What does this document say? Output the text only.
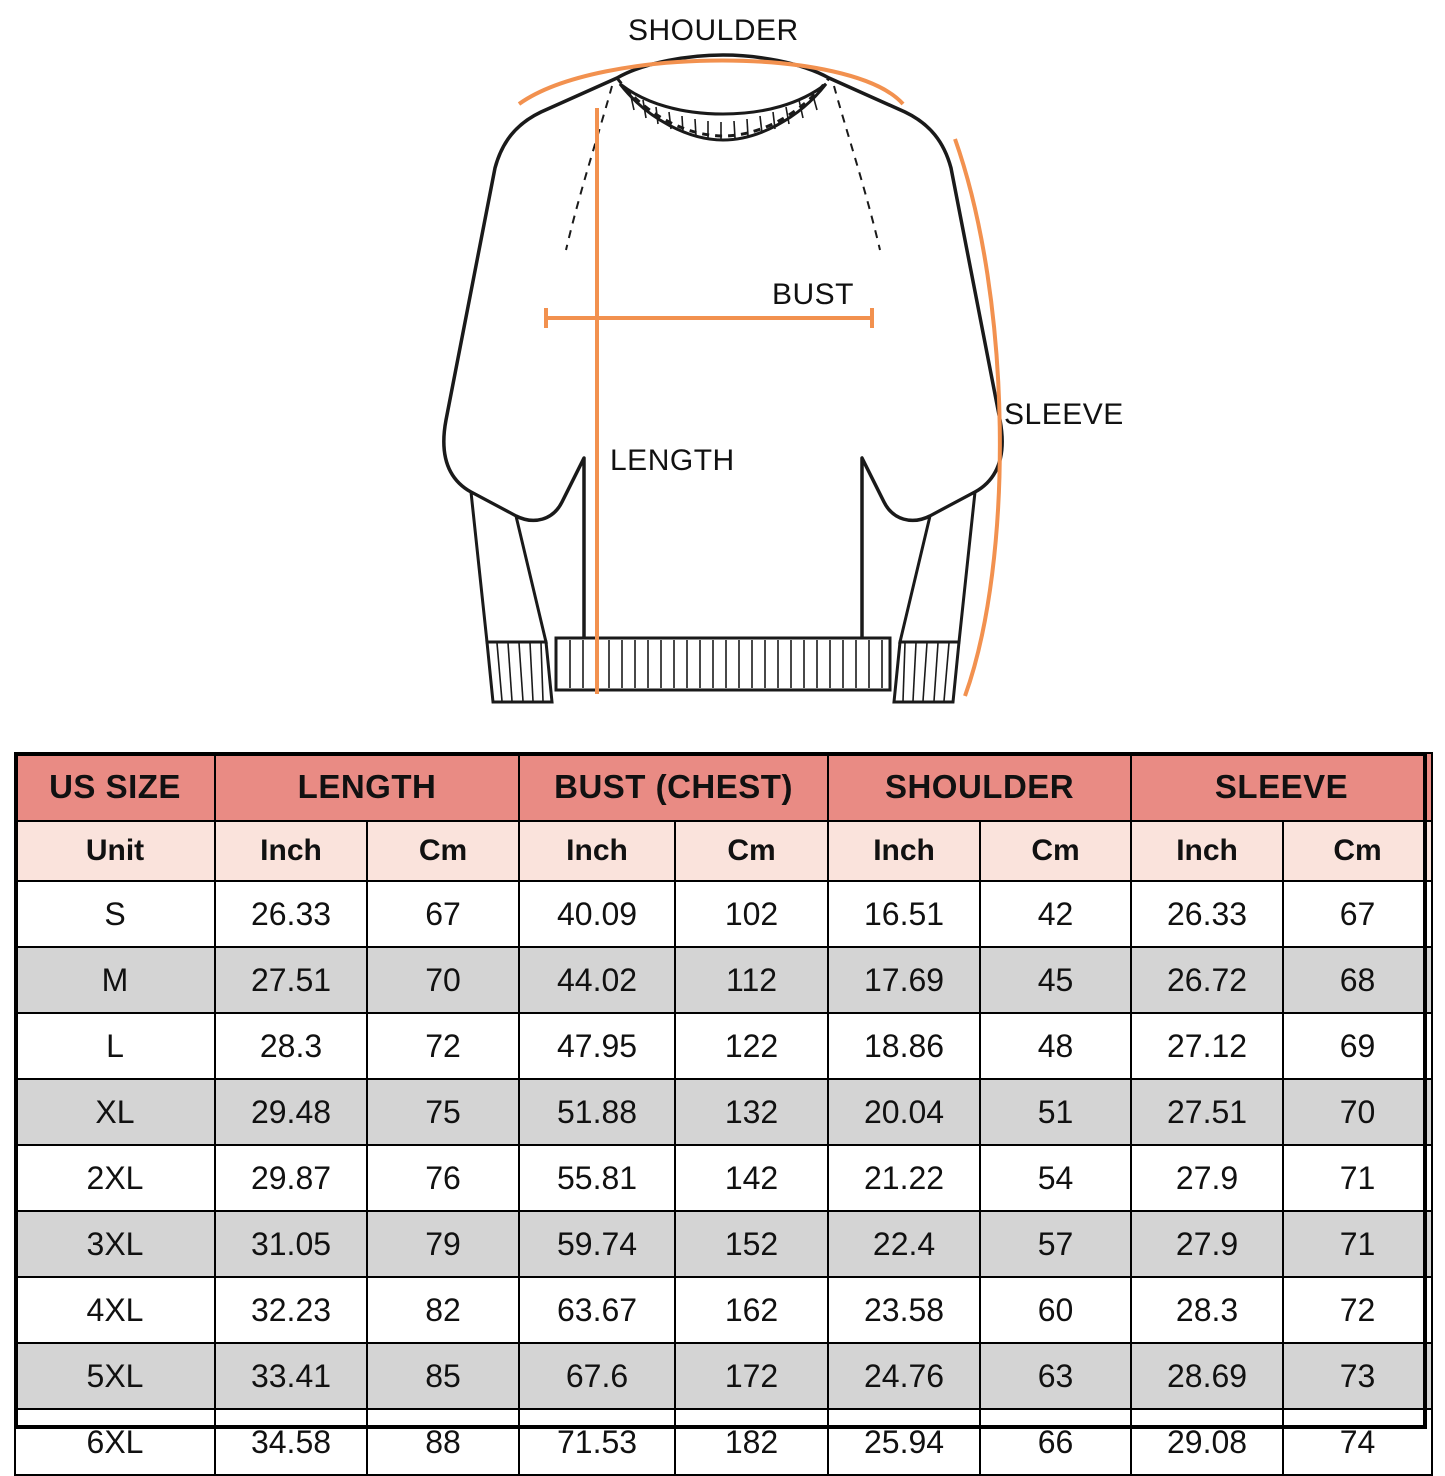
SHOULDER
BUST
SLEEVE
LENGTH
US SIZE	LENGTH		BUST (CHEST)		SHOULDER		SLEEVE	
Unit	Inch	Cm	Inch	Cm	Inch	Cm	Inch	Cm
S	26.33	67	40.09	102	16.51	42	26.33	67
M	27.51	70	44.02	112	17.69	45	26.72	68
L	28.3	72	47.95	122	18.86	48	27.12	69
XL	29.48	75	51.88	132	20.04	51	27.51	70
2XL	29.87	76	55.81	142	21.22	54	27.9	71
3XL	31.05	79	59.74	152	22.4	57	27.9	71
4XL	32.23	82	63.67	162	23.58	60	28.3	72
5XL	33.41	85	67.6	172	24.76	63	28.69	73
6XL	34.58	88	71.53	182	25.94	66	29.08	74
